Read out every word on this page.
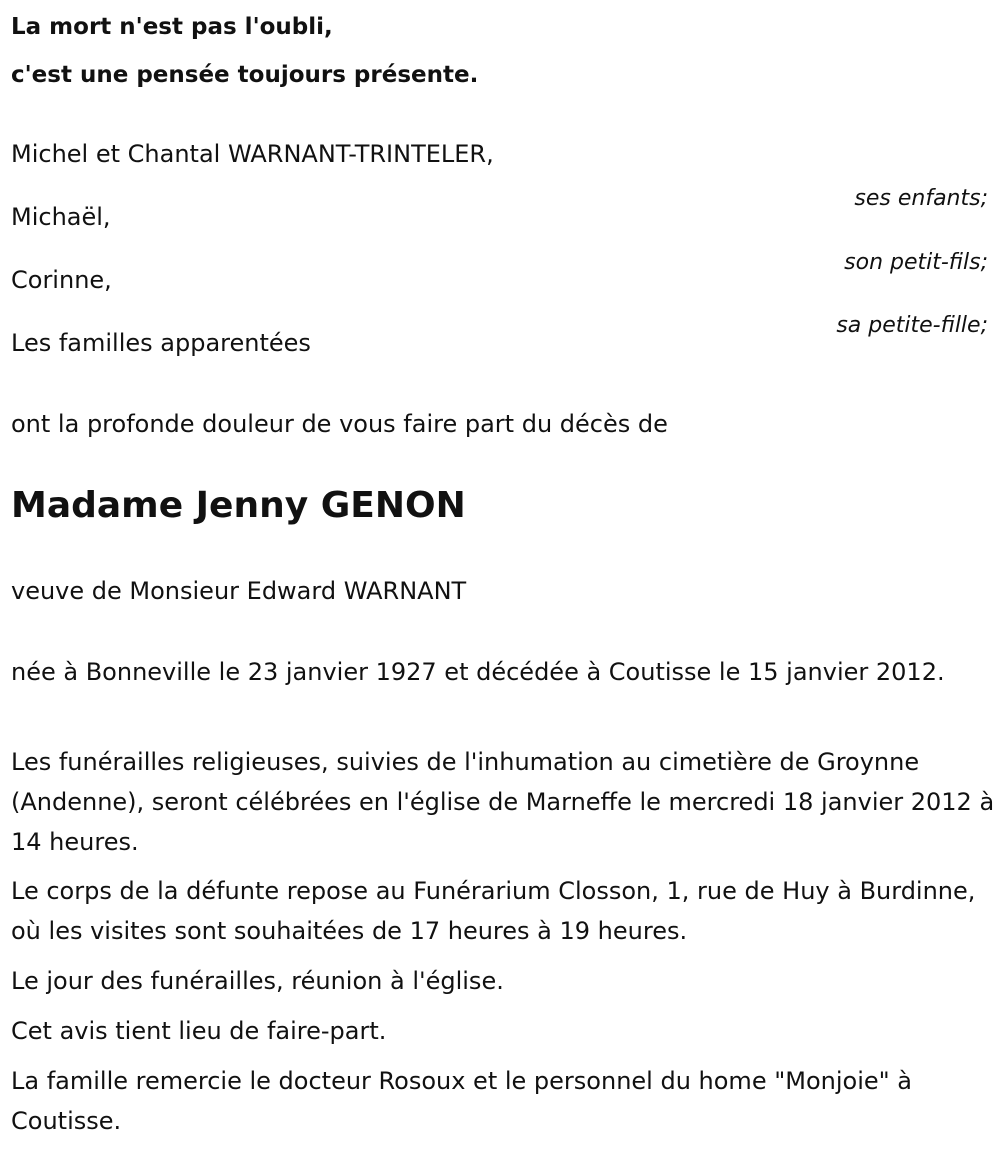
La mort n'est pas l'oubli,

c'est une pensée toujours présente.

Michel et Chantal WARNANT-TRINTELER,

ses enfants;

Michaël,

son petit-fils;

Corinne,

sa petite-fille;

Les familles apparentées

ont la profonde douleur de vous faire part du décès de

Madame Jenny GENON

veuve de Monsieur Edward WARNANT

née à Bonneville le 23 janvier 1927 et décédée à Coutisse le 15 janvier 2012.

Les funérailles religieuses, suivies de l'inhumation au cimetière de Groynne (Andenne), seront célébrées en l'église de Marneffe le mercredi 18 janvier 2012 à 14 heures.

Le corps de la défunte repose au Funérarium Closson, 1, rue de Huy à Burdinne, où les visites sont souhaitées de 17 heures à 19 heures.

Le jour des funérailles, réunion à l'église.

Cet avis tient lieu de faire-part.

La famille remercie le docteur Rosoux et le personnel du home "Monjoie" à Coutisse.
